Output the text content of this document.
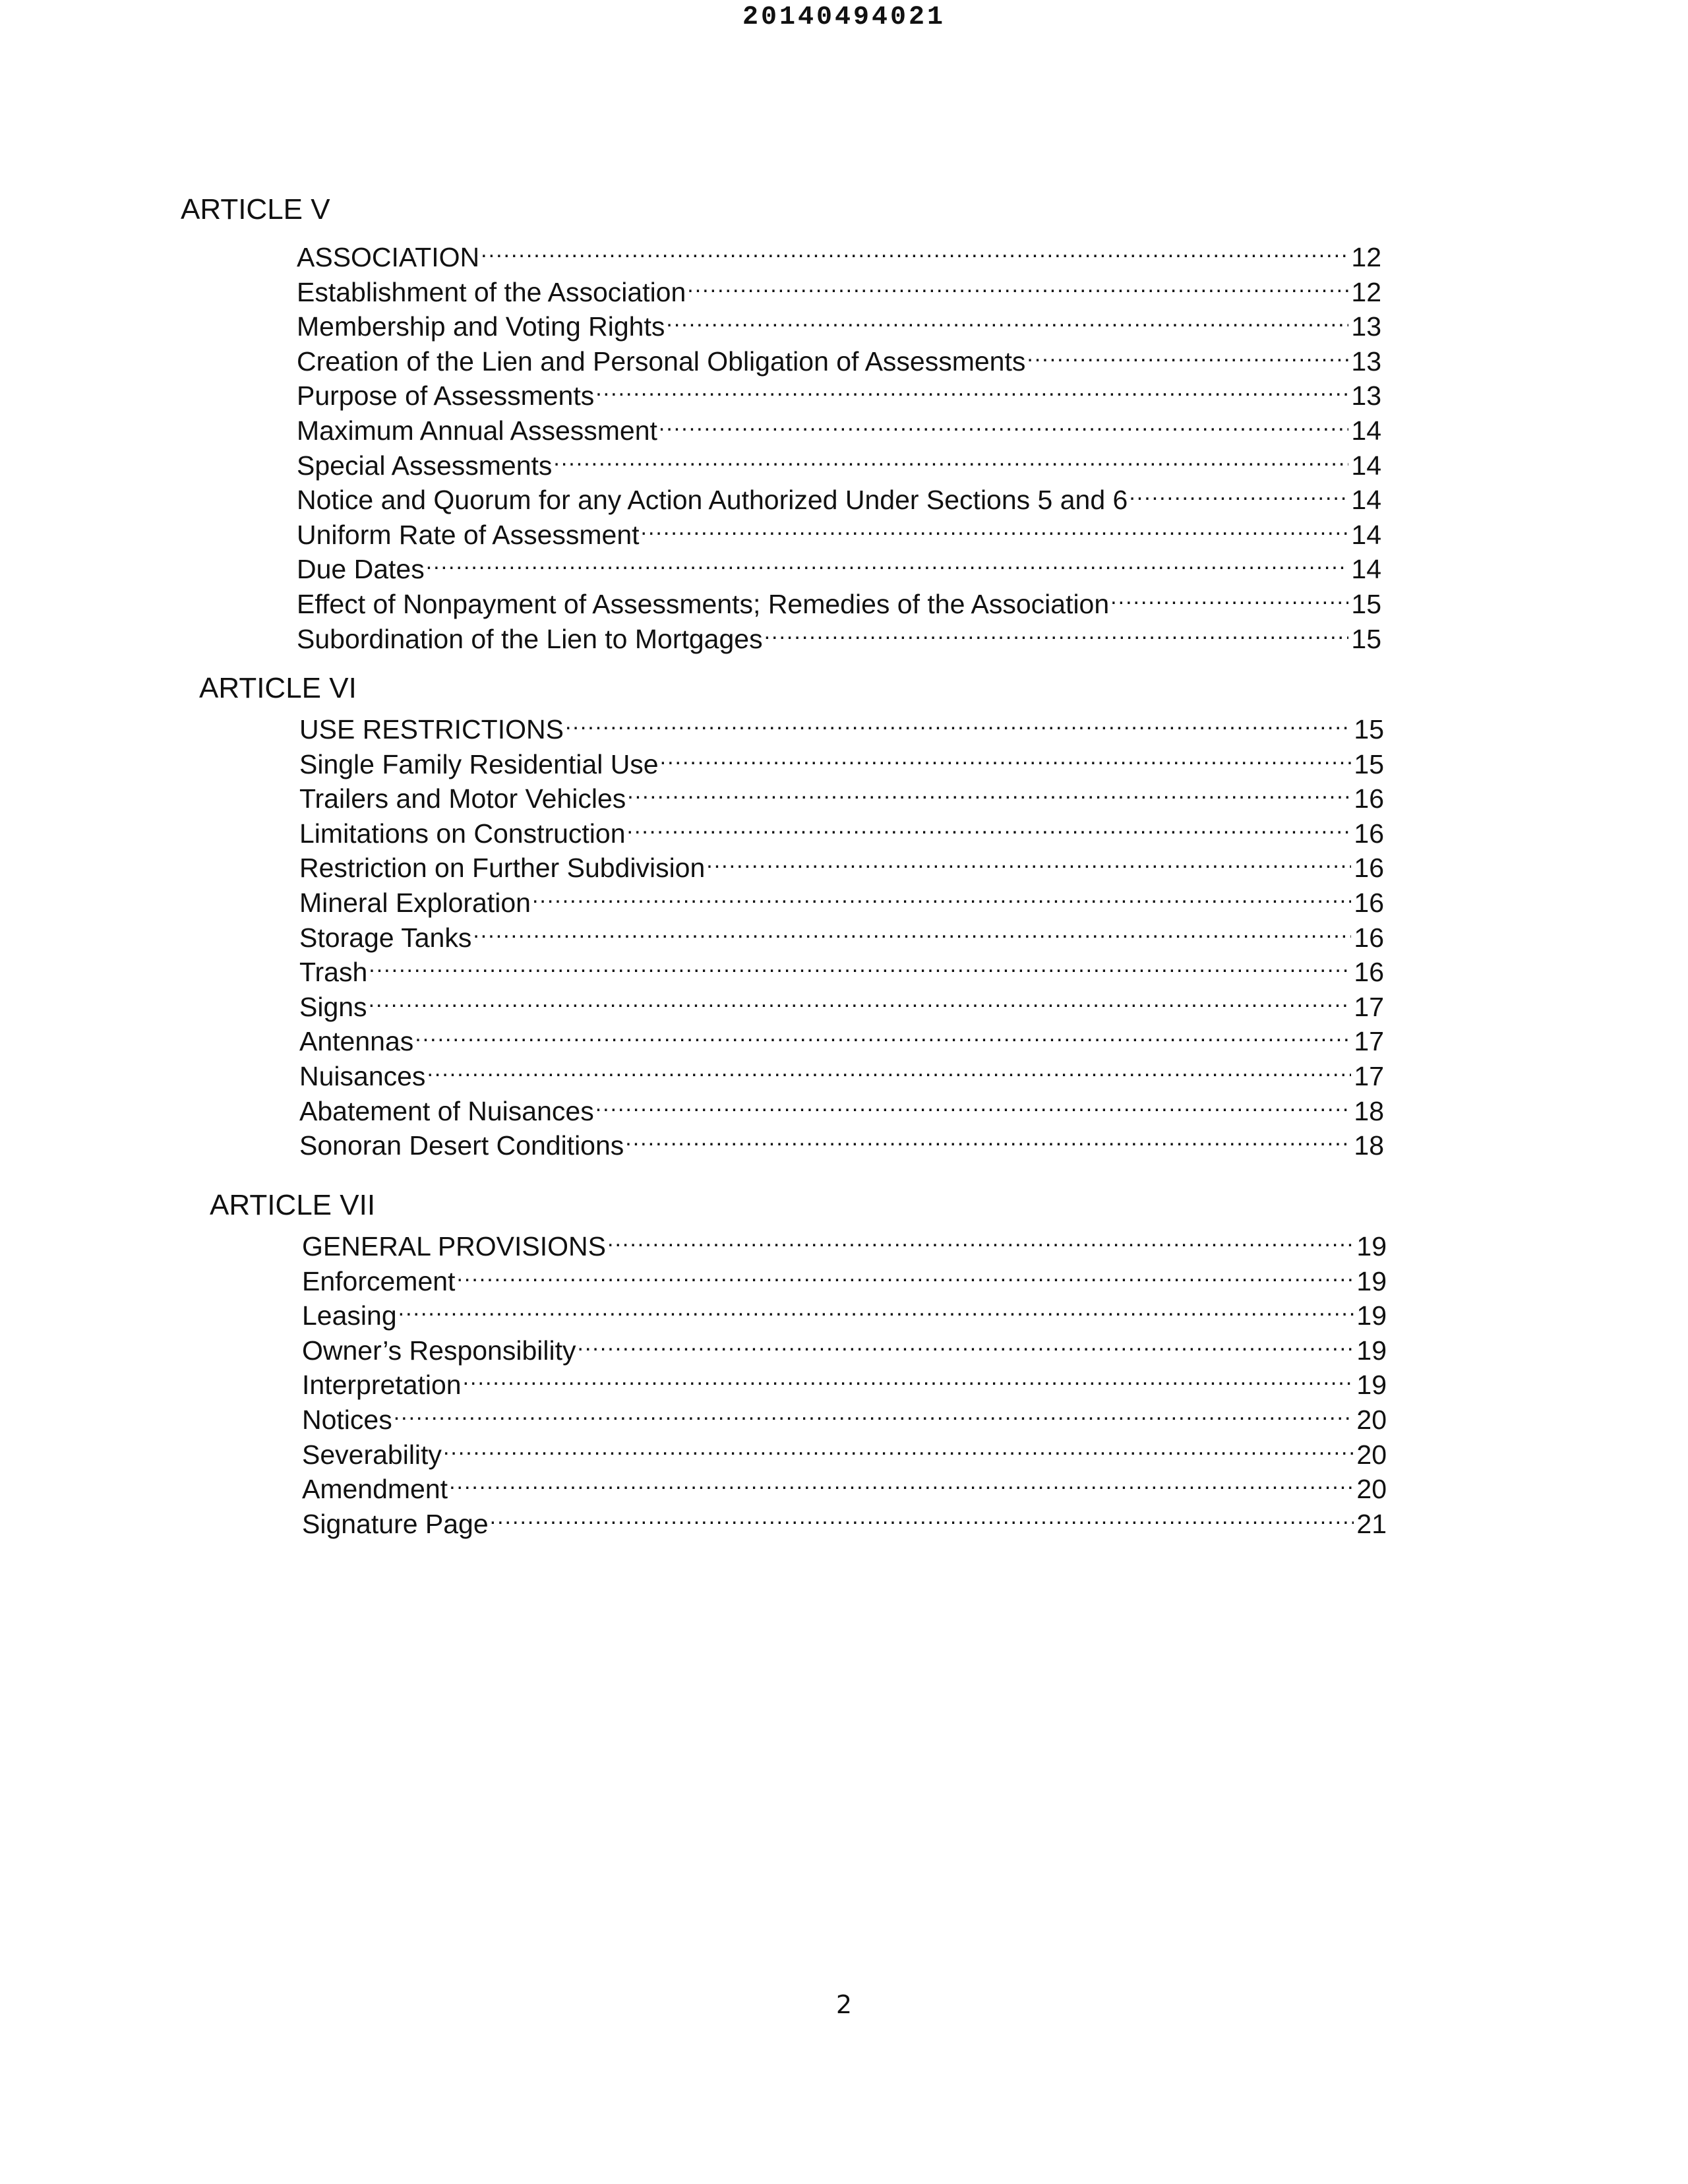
20140494021
ARTICLE V
ASSOCIATION .....	12
Establishment of the Association .....	12
Membership and Voting Rights .....	13
Creation of the Lien and Personal Obligation of Assessments .....	13
Purpose of Assessments .....	13
Maximum Annual Assessment .....	14
Special Assessments .....	14
Notice and Quorum for any Action Authorized Under Sections 5 and 6 .....	14
Uniform Rate of Assessment .....	14
Due Dates .....	14
Effect of Nonpayment of Assessments; Remedies of the Association .....	15
Subordination of the Lien to Mortgages .....	15
ARTICLE VI
USE RESTRICTIONS .....	15
Single Family Residential Use .....	15
Trailers and Motor Vehicles .....	16
Limitations on Construction .....	16
Restriction on Further Subdivision .....	16
Mineral Exploration .....	16
Storage Tanks .....	16
Trash .....	16
Signs .....	17
Antennas .....	17
Nuisances .....	17
Abatement of Nuisances .....	18
Sonoran Desert Conditions .....	18
ARTICLE VII
GENERAL PROVISIONS .....	19
Enforcement .....	19
Leasing .....	19
Owner’s Responsibility .....	19
Interpretation .....	19
Notices .....	20
Severability .....	20
Amendment .....	20
Signature Page .....	21
2
